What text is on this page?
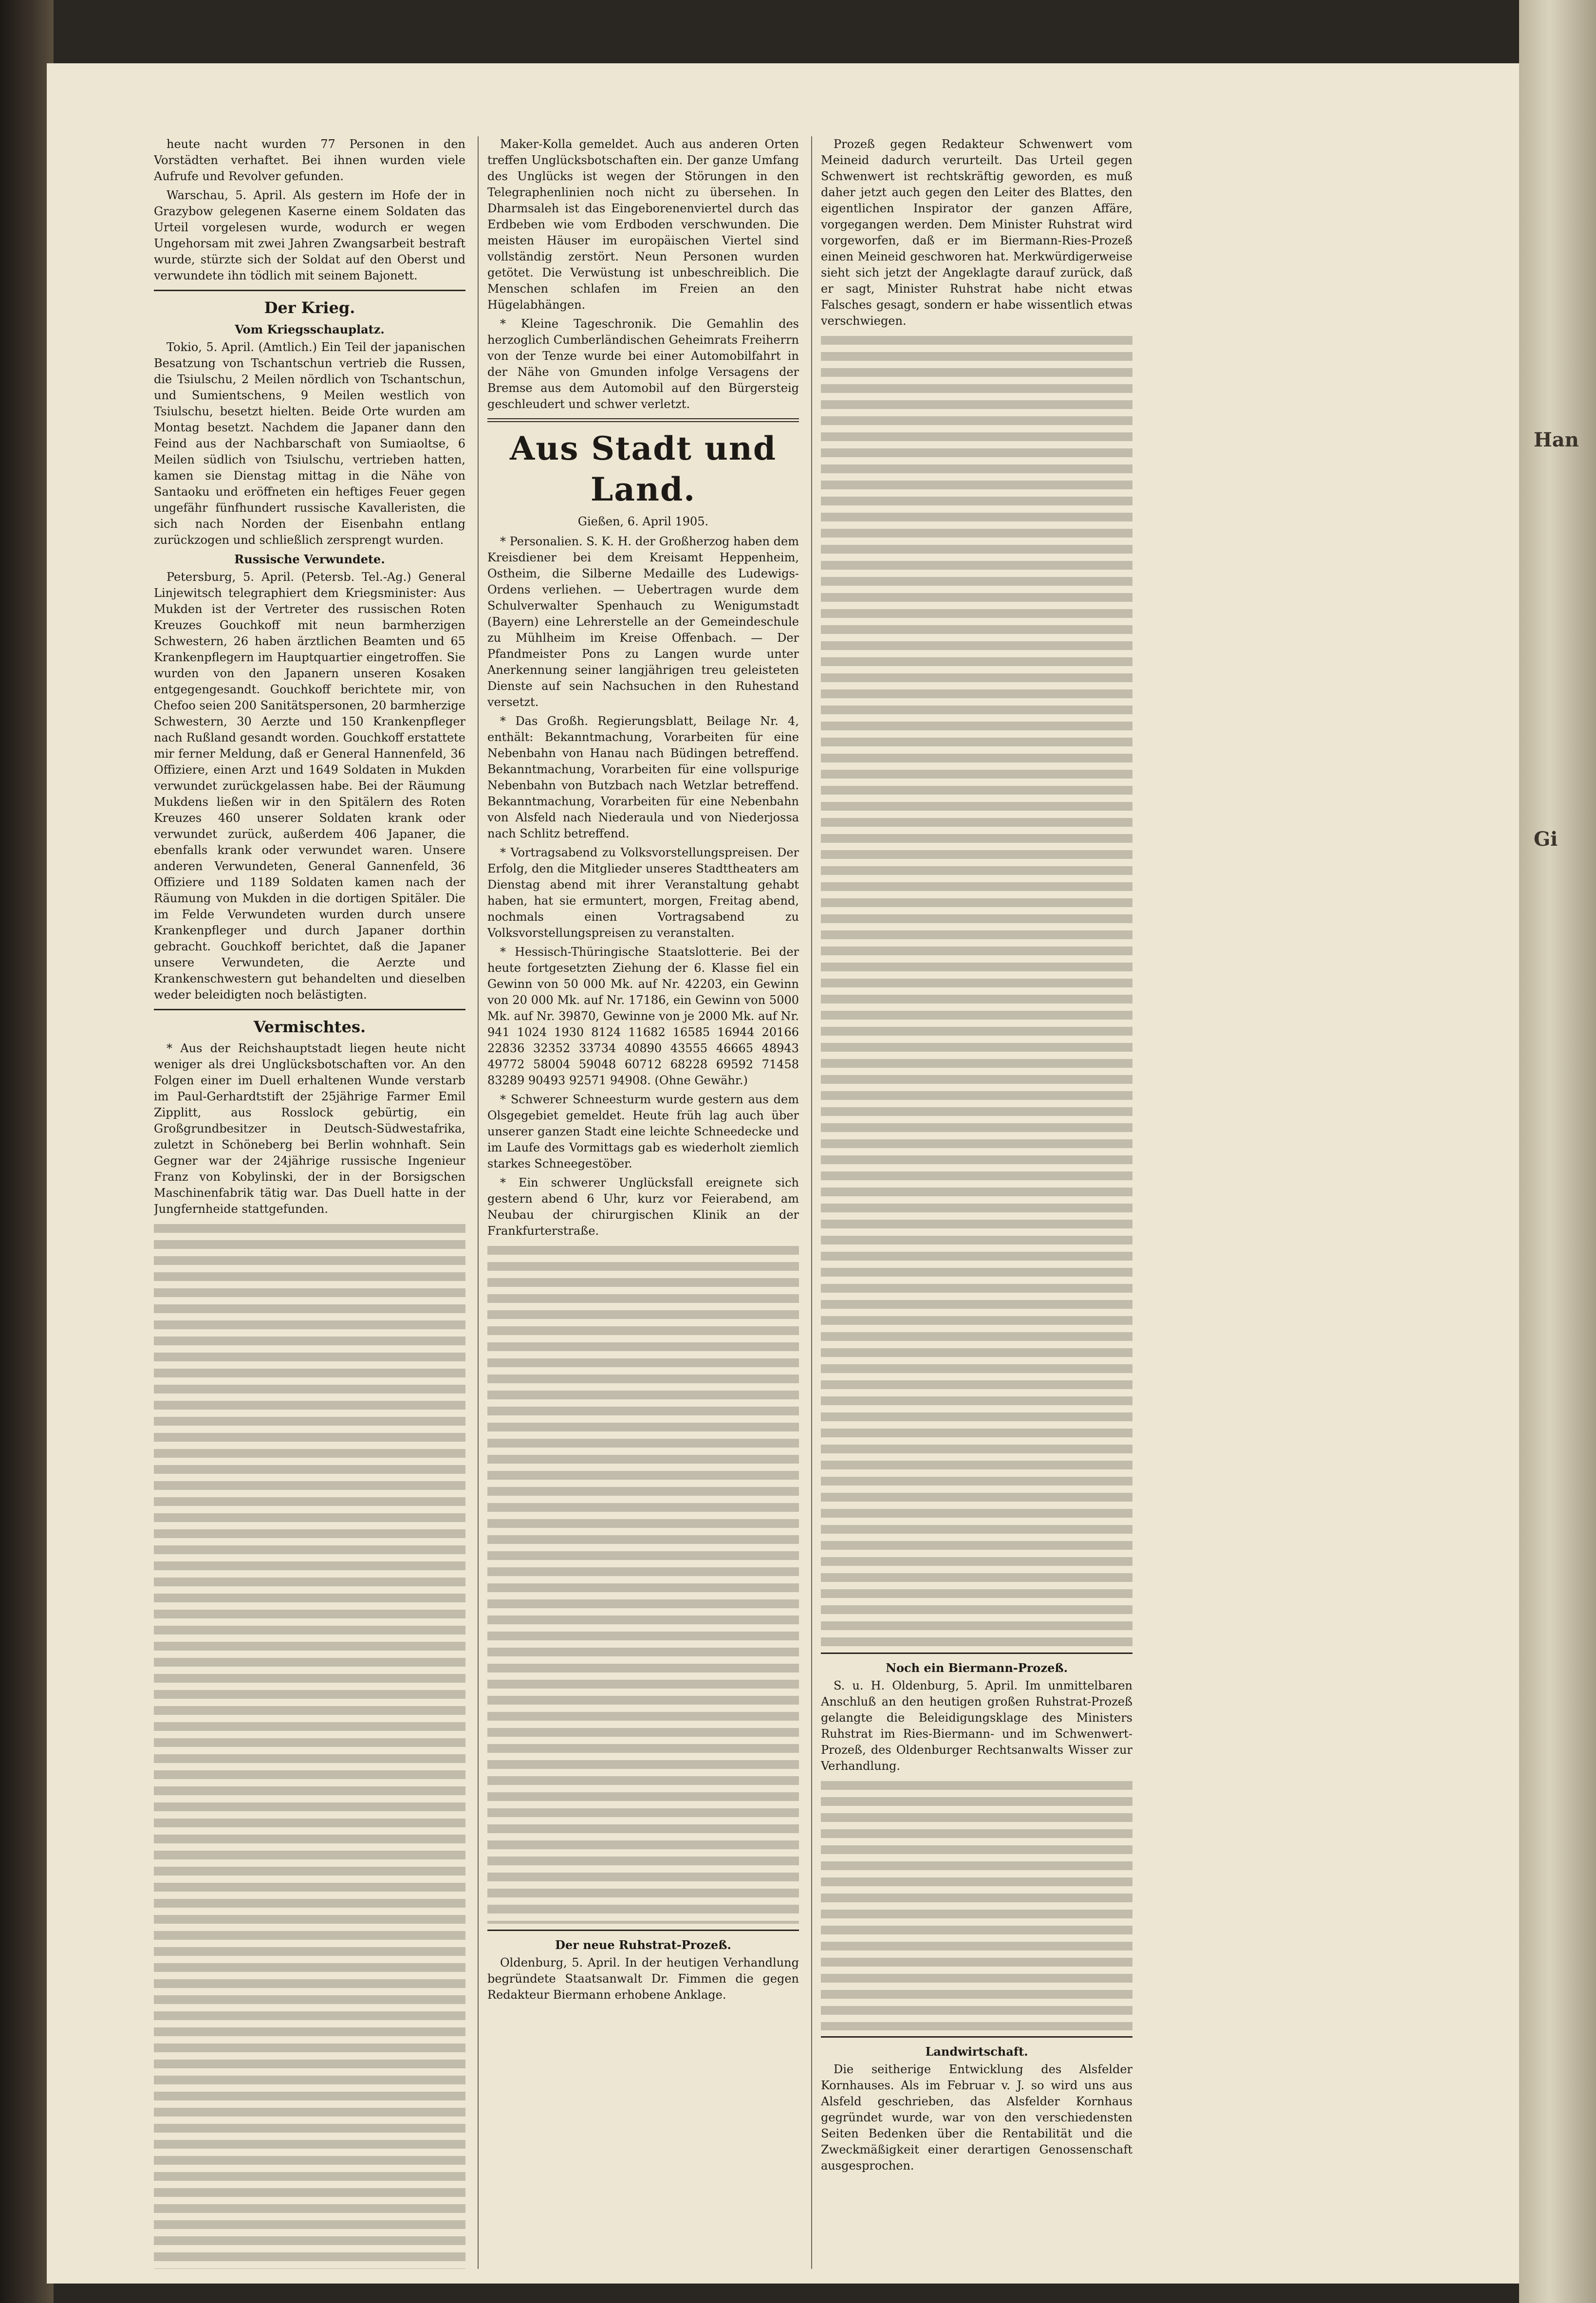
heute nacht wurden 77 Personen in den Vorstädten verhaftet. Bei ihnen wurden viele Aufrufe und Revolver gefunden.

Warschau, 5. April. Als gestern im Hofe der in Grazybow gelegenen Kaserne einem Soldaten das Urteil vorgelesen wurde, wodurch er wegen Ungehorsam mit zwei Jahren Zwangsarbeit bestraft wurde, stürzte sich der Soldat auf den Oberst und verwundete ihn tödlich mit seinem Bajonett.

Der Krieg.
Vom Kriegsschauplatz.

Tokio, 5. April. (Amtlich.) Ein Teil der japanischen Besatzung von Tschantschun vertrieb die Russen, die Tsiulschu, 2 Meilen nördlich von Tschantschun, und Sumientschens, 9 Meilen westlich von Tsiulschu, besetzt hielten. Beide Orte wurden am Montag besetzt. Nachdem die Japaner dann den Feind aus der Nachbarschaft von Sumiaoltse, 6 Meilen südlich von Tsiulschu, vertrieben hatten, kamen sie Dienstag mittag in die Nähe von Santaoku und eröffneten ein heftiges Feuer gegen ungefähr fünfhundert russische Kavalleristen, die sich nach Norden der Eisenbahn entlang zurückzogen und schließlich zersprengt wurden.

Russische Verwundete.

Petersburg, 5. April. (Petersb. Tel.-Ag.) General Linjewitsch telegraphiert dem Kriegsminister: Aus Mukden ist der Vertreter des russischen Roten Kreuzes Gouchkoff mit neun barmherzigen Schwestern, 26 haben ärztlichen Beamten und 65 Krankenpflegern im Hauptquartier eingetroffen. Sie wurden von den Japanern unseren Kosaken entgegengesandt. Gouchkoff berichtete mir, von Chefoo seien 200 Sanitätspersonen, 20 barmherzige Schwestern, 30 Aerzte und 150 Krankenpfleger nach Rußland gesandt worden. Gouchkoff erstattete mir ferner Meldung, daß er General Hannenfeld, 36 Offiziere, einen Arzt und 1649 Soldaten in Mukden verwundet zurückgelassen habe. Bei der Räumung Mukdens ließen wir in den Spitälern des Roten Kreuzes 460 unserer Soldaten krank oder verwundet zurück, außerdem 406 Japaner, die ebenfalls krank oder verwundet waren. Unsere anderen Verwundeten, General Gannenfeld, 36 Offiziere und 1189 Soldaten kamen nach der Räumung von Mukden in die dortigen Spitäler. Die im Felde Verwundeten wurden durch unsere Krankenpfleger und durch Japaner dorthin gebracht. Gouchkoff berichtet, daß die Japaner unsere Verwundeten, die Aerzte und Krankenschwestern gut behandelten und dieselben weder beleidigten noch belästigten.

Vermischtes.

* Aus der Reichshauptstadt liegen heute nicht weniger als drei Unglücksbotschaften vor. An den Folgen einer im Duell erhaltenen Wunde verstarb im Paul-Gerhardtstift der 25jährige Farmer Emil Zipplitt, aus Rosslock gebürtig, ein Großgrundbesitzer in Deutsch-Südwestafrika, zuletzt in Schöneberg bei Berlin wohnhaft. Sein Gegner war der 24jährige russische Ingenieur Franz von Kobylinski, der in der Borsigschen Maschinenfabrik tätig war. Das Duell hatte in der Jungfernheide stattgefunden.

Maker-Kolla gemeldet. Auch aus anderen Orten treffen Unglücksbotschaften ein. Der ganze Umfang des Unglücks ist wegen der Störungen in den Telegraphenlinien noch nicht zu übersehen. In Dharmsaleh ist das Eingeborenenviertel durch das Erdbeben wie vom Erdboden verschwunden. Die meisten Häuser im europäischen Viertel sind vollständig zerstört. Neun Personen wurden getötet. Die Verwüstung ist unbeschreiblich. Die Menschen schlafen im Freien an den Hügelabhängen.

* Kleine Tageschronik. Die Gemahlin des herzoglich Cumberländischen Geheimrats Freiherrn von der Tenze wurde bei einer Automobilfahrt in der Nähe von Gmunden infolge Versagens der Bremse aus dem Automobil auf den Bürgersteig geschleudert und schwer verletzt.

Aus Stadt und Land.
Gießen, 6. April 1905.

* Personalien. S. K. H. der Großherzog haben dem Kreisdiener bei dem Kreisamt Heppenheim, Ostheim, die Silberne Medaille des Ludewigs-Ordens verliehen. — Uebertragen wurde dem Schulverwalter Spenhauch zu Wenigumstadt (Bayern) eine Lehrerstelle an der Gemeindeschule zu Mühlheim im Kreise Offenbach. — Der Pfandmeister Pons zu Langen wurde unter Anerkennung seiner langjährigen treu geleisteten Dienste auf sein Nachsuchen in den Ruhestand versetzt.

* Das Großh. Regierungsblatt, Beilage Nr. 4, enthält: Bekanntmachung, Vorarbeiten für eine Nebenbahn von Hanau nach Büdingen betreffend. Bekanntmachung, Vorarbeiten für eine vollspurige Nebenbahn von Butzbach nach Wetzlar betreffend. Bekanntmachung, Vorarbeiten für eine Nebenbahn von Alsfeld nach Niederaula und von Niederjossa nach Schlitz betreffend.

* Vortragsabend zu Volksvorstellungspreisen. Der Erfolg, den die Mitglieder unseres Stadttheaters am Dienstag abend mit ihrer Veranstaltung gehabt haben, hat sie ermuntert, morgen, Freitag abend, nochmals einen Vortragsabend zu Volksvorstellungspreisen zu veranstalten.

* Hessisch-Thüringische Staatslotterie. Bei der heute fortgesetzten Ziehung der 6. Klasse fiel ein Gewinn von 50 000 Mk. auf Nr. 42203, ein Gewinn von 20 000 Mk. auf Nr. 17186, ein Gewinn von 5000 Mk. auf Nr. 39870, Gewinne von je 2000 Mk. auf Nr. 941 1024 1930 8124 11682 16585 16944 20166 22836 32352 33734 40890 43555 46665 48943 49772 58004 59048 60712 68228 69592 71458 83289 90493 92571 94908. (Ohne Gewähr.)

* Schwerer Schneesturm wurde gestern aus dem Olsgegebiet gemeldet. Heute früh lag auch über unserer ganzen Stadt eine leichte Schneedecke und im Laufe des Vormittags gab es wiederholt ziemlich starkes Schneegestöber.

* Ein schwerer Unglücksfall ereignete sich gestern abend 6 Uhr, kurz vor Feierabend, am Neubau der chirurgischen Klinik an der Frankfurterstraße.

Der neue Ruhstrat-Prozeß.

Oldenburg, 5. April. In der heutigen Verhandlung begründete Staatsanwalt Dr. Fimmen die gegen Redakteur Biermann erhobene Anklage.

Prozeß gegen Redakteur Schwenwert vom Meineid dadurch verurteilt. Das Urteil gegen Schwenwert ist rechtskräftig geworden, es muß daher jetzt auch gegen den Leiter des Blattes, den eigentlichen Inspirator der ganzen Affäre, vorgegangen werden. Dem Minister Ruhstrat wird vorgeworfen, daß er im Biermann-Ries-Prozeß einen Meineid geschworen hat. Merkwürdigerweise sieht sich jetzt der Angeklagte darauf zurück, daß er sagt, Minister Ruhstrat habe nicht etwas Falsches gesagt, sondern er habe wissentlich etwas verschwiegen.

Noch ein Biermann-Prozeß.

S. u. H. Oldenburg, 5. April. Im unmittelbaren Anschluß an den heutigen großen Ruhstrat-Prozeß gelangte die Beleidigungsklage des Ministers Ruhstrat im Ries-Biermann- und im Schwenwert-Prozeß, des Oldenburger Rechtsanwalts Wisser zur Verhandlung.

Landwirtschaft.

Die seitherige Entwicklung des Alsfelder Kornhauses. Als im Februar v. J. so wird uns aus Alsfeld geschrieben, das Alsfelder Kornhaus gegründet wurde, war von den verschiedensten Seiten Bedenken über die Rentabilität und die Zweckmäßigkeit einer derartigen Genossenschaft ausgesprochen.

Han
Gi
